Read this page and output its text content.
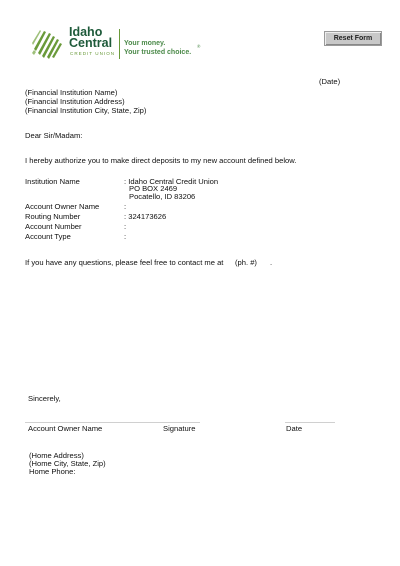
Idaho
Central
CREDIT UNION
Your money.
Your trusted choice.
®
Reset Form
(Date)
(Financial Institution Name)
(Financial Institution Address)
(Financial Institution City, State, Zip)
Dear Sir/Madam:
I hereby authorize you to make direct deposits to my new account defined below.
Institution Name	: Idaho Central Credit Union
PO BOX 2469
Pocatello, ID 83206
Account Owner Name	:
Routing Number	: 324173626
Account Number	:
Account Type	:
If you have any questions, please feel free to contact me at (ph. #) .
Sincerely,
Account Owner Name	Signature	Date
(Home Address)
(Home City, State, Zip)
Home Phone:
